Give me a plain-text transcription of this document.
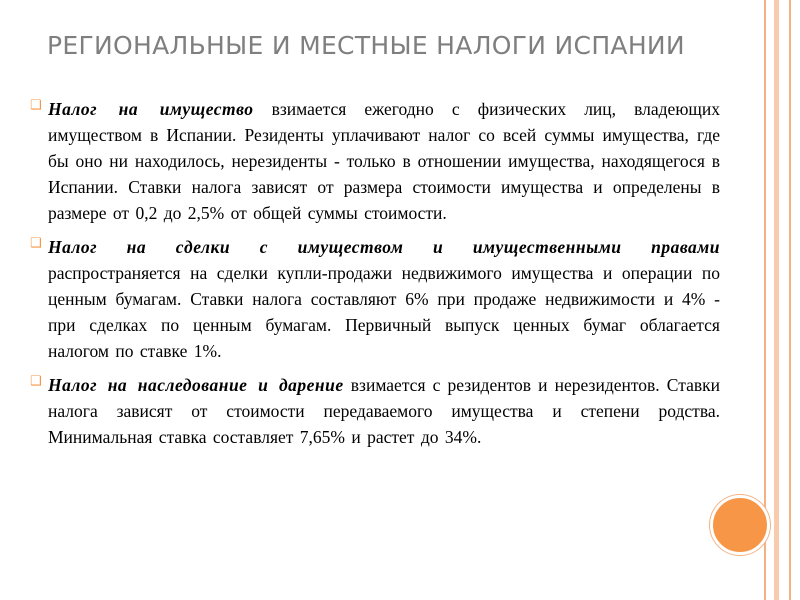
РЕГИОНАЛЬНЫЕ И МЕСТНЫЕ НАЛОГИ ИСПАНИИ
❑ Налог на имущество взимается ежегодно с физических лиц, владеющих имуществом в Испании. Резиденты уплачивают налог со всей суммы имущества, где бы оно ни находилось, нерезиденты - только в отношении имущества, находящегося в Испании. Ставки налога зависят от размера стоимости имущества и определены в размере от 0,2 до 2,5% от общей суммы стоимости.
❑ Налог на сделки с имуществом и имущественными правами распространяется на сделки купли-продажи недвижимого имущества и операции по ценным бумагам. Ставки налога составляют 6% при продаже недвижимости и 4% - при сделках по ценным бумагам. Первичный выпуск ценных бумаг облагается налогом по ставке 1%.
❑ Налог на наследование и дарение взимается с резидентов и нерезидентов. Ставки налога зависят от стоимости передаваемого имущества и степени родства. Минимальная ставка составляет 7,65% и растет до 34%.
